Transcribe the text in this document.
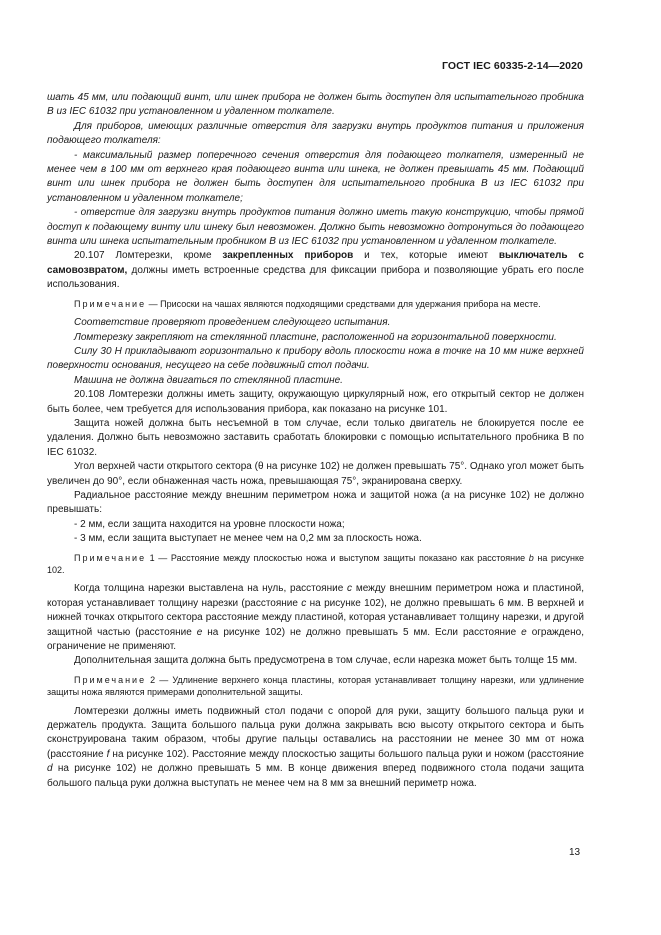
ГОСТ IEC 60335-2-14—2020

шать 45 мм, или подающий винт, или шнек прибора не должен быть доступен для испытательного пробника B из IEC 61032 при установленном и удаленном толкателе.

Для приборов, имеющих различные отверстия для загрузки внутрь продуктов питания и приложения подающего толкателя:

- максимальный размер поперечного сечения отверстия для подающего толкателя, измеренный не менее чем в 100 мм от верхнего края подающего винта или шнека, не должен превышать 45 мм. Подающий винт или шнек прибора не должен быть доступен для испытательного пробника B из IEC 61032 при установленном и удаленном толкателе;

- отверстие для загрузки внутрь продуктов питания должно иметь такую конструкцию, чтобы прямой доступ к подающему винту или шнеку был невозможен. Должно быть невозможно дотронуться до подающего винта или шнека испытательным пробником B из IEC 61032 при установленном и удаленном толкателе.

20.107 Ломтерезки, кроме закрепленных приборов и тех, которые имеют выключатель с самовозвратом, должны иметь встроенные средства для фиксации прибора и позволяющие убрать его после использования.

Примечание — Присоски на чашах являются подходящими средствами для удержания прибора на месте.

Соответствие проверяют проведением следующего испытания.

Ломтерезку закрепляют на стеклянной пластине, расположенной на горизонтальной поверхности.

Силу 30 Н прикладывают горизонтально к прибору вдоль плоскости ножа в точке на 10 мм ниже верхней поверхности основания, несущего на себе подвижный стол подачи.

Машина не должна двигаться по стеклянной пластине.

20.108 Ломтерезки должны иметь защиту, окружающую циркулярный нож, его открытый сектор не должен быть более, чем требуется для использования прибора, как показано на рисунке 101.

Защита ножей должна быть несъемной в том случае, если только двигатель не блокируется после ее удаления. Должно быть невозможно заставить сработать блокировки с помощью испытательного пробника B по IEC 61032.

Угол верхней части открытого сектора (θ на рисунке 102) не должен превышать 75°. Однако угол может быть увеличен до 90°, если обнаженная часть ножа, превышающая 75°, экранирована сверху.

Радиальное расстояние между внешним периметром ножа и защитой ножа (a на рисунке 102) не должно превышать:

- 2 мм, если защита находится на уровне плоскости ножа;

- 3 мм, если защита выступает не менее чем на 0,2 мм за плоскость ножа.

Примечание 1 — Расстояние между плоскостью ножа и выступом защиты показано как расстояние b на рисунке 102.

Когда толщина нарезки выставлена на нуль, расстояние c между внешним периметром ножа и пластиной, которая устанавливает толщину нарезки (расстояние c на рисунке 102), не должно превышать 6 мм. В верхней и нижней точках открытого сектора расстояние между пластиной, которая устанавливает толщину нарезки, и другой защитной частью (расстояние e на рисунке 102) не должно превышать 5 мм. Если расстояние e ограждено, ограничение не применяют.

Дополнительная защита должна быть предусмотрена в том случае, если нарезка может быть толще 15 мм.

Примечание 2 — Удлинение верхнего конца пластины, которая устанавливает толщину нарезки, или удлинение защиты ножа являются примерами дополнительной защиты.

Ломтерезки должны иметь подвижный стол подачи с опорой для руки, защиту большого пальца руки и держатель продукта. Защита большого пальца руки должна закрывать всю высоту открытого сектора и быть сконструирована таким образом, чтобы другие пальцы оставались на расстоянии не менее 30 мм от ножа (расстояние f на рисунке 102). Расстояние между плоскостью защиты большого пальца руки и ножом (расстояние d на рисунке 102) не должно превышать 5 мм. В конце движения вперед подвижного стола подачи защита большого пальца руки должна выступать не менее чем на 8 мм за внешний периметр ножа.

13
